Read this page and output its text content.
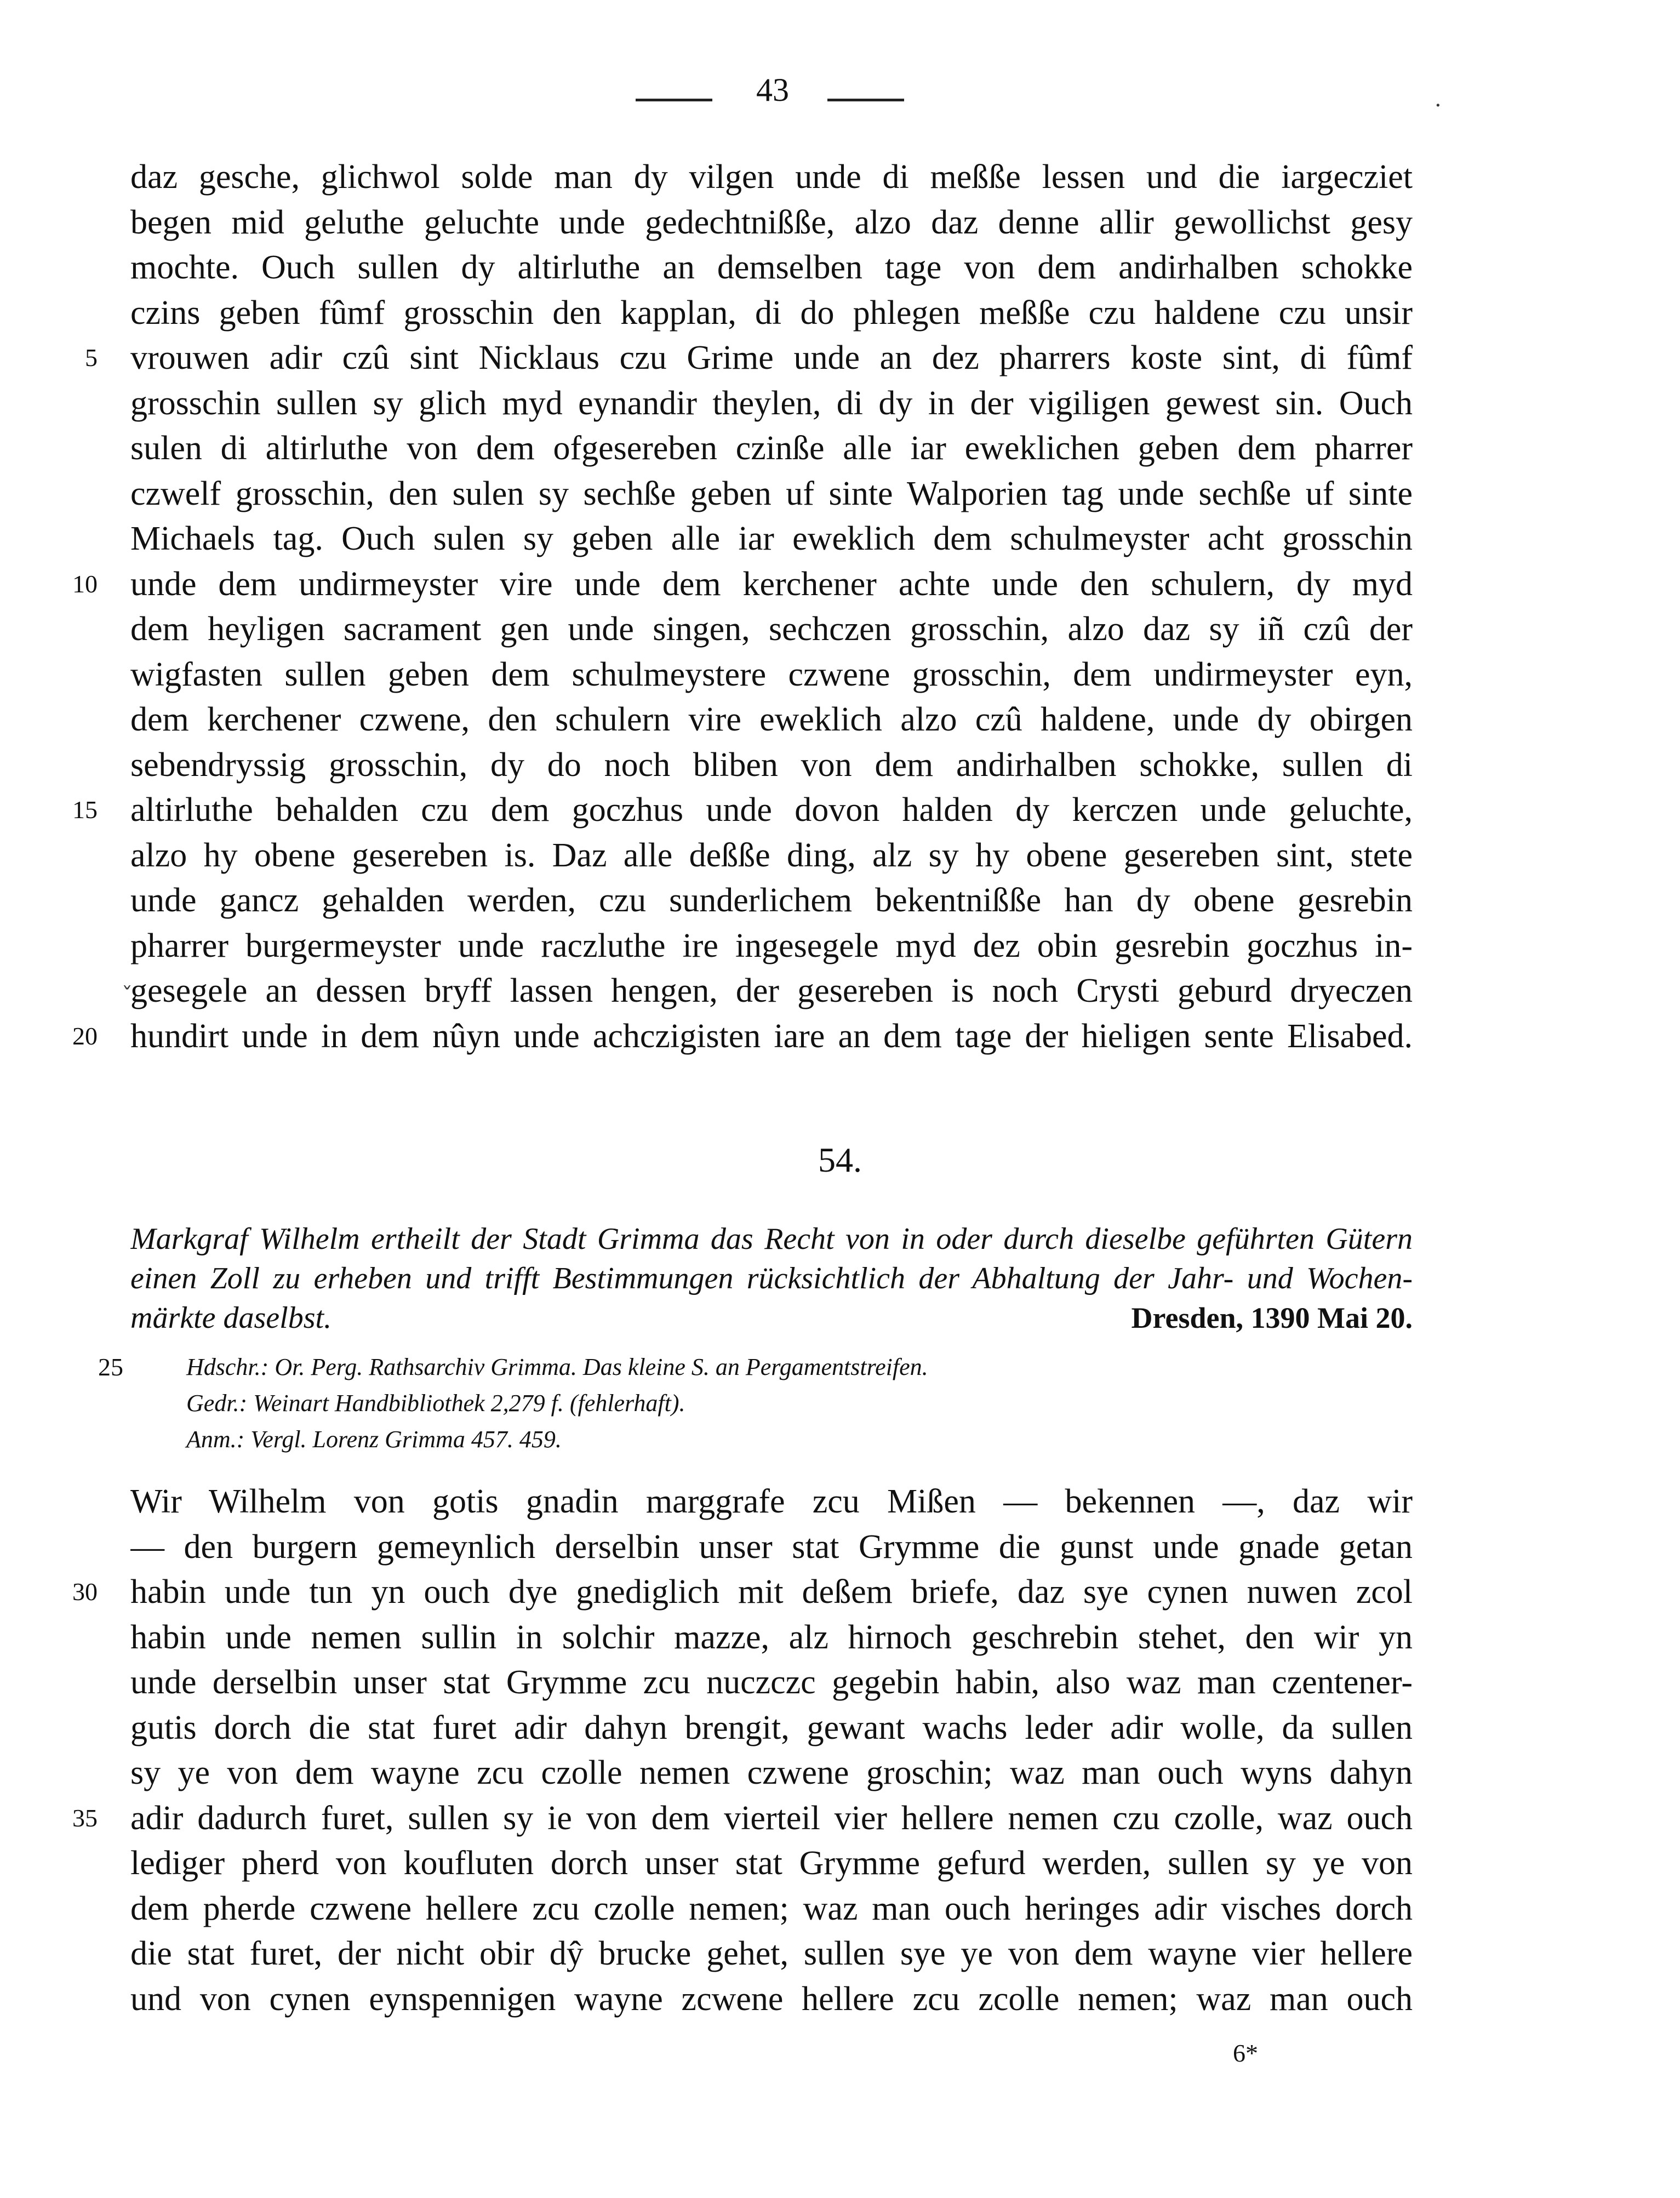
43	·
daz gesche, glichwol solde man dy vilgen unde di meßße lessen und die iargecziet
begen mid geluthe geluchte unde gedechtnißße, alzo daz denne allir gewollichst gesy
mochte. Ouch sullen dy altirluthe an demselben tage von dem andirhalben schokke
czins geben fûmf grosschin den kapplan, di do phlegen meßße czu haldene czu unsir
vrouwen adir czû sint Nicklaus czu Grime unde an dez pharrers koste sint, di fûmf
5
grosschin sullen sy glich myd eynandir theylen, di dy in der vigiligen gewest sin. Ouch
sulen di altirluthe von dem ofgesereben czinße alle iar eweklichen geben dem pharrer
czwelf grosschin, den sulen sy sechße geben uf sinte Walporien tag unde sechße uf sinte
Michaels tag. Ouch sulen sy geben alle iar eweklich dem schulmeyster acht grosschin
unde dem undirmeyster vire unde dem kerchener achte unde den schulern, dy myd
10
dem heyligen sacrament gen unde singen, sechczen grosschin, alzo daz sy iñ czû der
wigfasten sullen geben dem schulmeystere czwene grosschin, dem undirmeyster eyn,
dem kerchener czwene, den schulern vire eweklich alzo czû haldene, unde dy obirgen
sebendryssig grosschin, dy do noch bliben von dem andirhalben schokke, sullen di
altirluthe behalden czu dem goczhus unde dovon halden dy kerczen unde geluchte,
15
alzo hy obene gesereben is. Daz alle deßße ding, alz sy hy obene gesereben sint, stete
unde gancz gehalden werden, czu sunderlichem bekentnißße han dy obene gesrebin
pharrer burgermeyster unde raczluthe ire ingesegele myd dez obin gesrebin goczhus in-
gesegele an dessen bryff lassen hengen, der gesereben is noch Crysti geburd dryeczen
hundirt unde in dem nûyn unde achczigisten iare an dem tage der hieligen sente Elisabed.
20
˯
54.
Markgraf Wilhelm ertheilt der Stadt Grimma das Recht von in oder durch dieselbe geführten Gütern
einen Zoll zu erheben und trifft Bestimmungen rücksichtlich der Abhaltung der Jahr- und Wochen-
märkte daselbst.	Dresden, 1390 Mai 20.
25	Hdschr.: Or. Perg. Rathsarchiv Grimma. Das kleine S. an Pergamentstreifen.
Gedr.: Weinart Handbibliothek 2,279 f. (fehlerhaft).
Anm.: Vergl. Lorenz Grimma 457. 459.
Wir Wilhelm von gotis gnadin marggrafe zcu Mißen — bekennen —, daz wir
— den burgern gemeynlich derselbin unser stat Grymme die gunst unde gnade getan
habin unde tun yn ouch dye gnediglich mit deßem briefe, daz sye cynen nuwen zcol
30
habin unde nemen sullin in solchir mazze, alz hirnoch geschrebin stehet, den wir yn
unde derselbin unser stat Grymme zcu nuczczc gegebin habin, also waz man czentener-
gutis dorch die stat furet adir dahyn brengit, gewant wachs leder adir wolle, da sullen
sy ye von dem wayne zcu czolle nemen czwene groschin; waz man ouch wyns dahyn
adir dadurch furet, sullen sy ie von dem vierteil vier hellere nemen czu czolle, waz ouch
35
lediger pherd von koufluten dorch unser stat Grymme gefurd werden, sullen sy ye von
dem pherde czwene hellere zcu czolle nemen; waz man ouch heringes adir visches dorch
die stat furet, der nicht obir dŷ brucke gehet, sullen sye ye von dem wayne vier hellere
und von cynen eynspennigen wayne zcwene hellere zcu zcolle nemen; waz man ouch
6*
